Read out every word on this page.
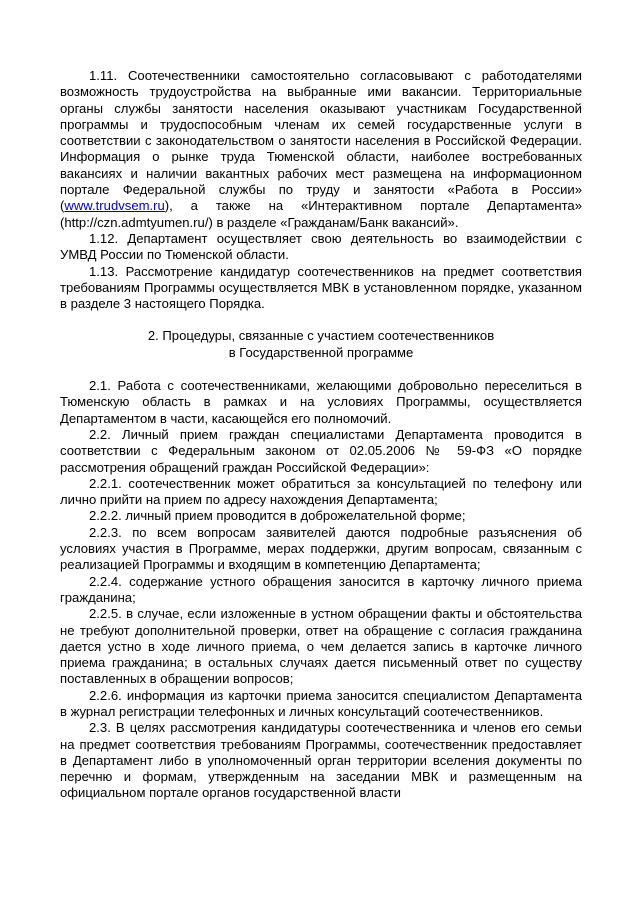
1.11. Соотечественники самостоятельно согласовывают с работодателями возможность трудоустройства на выбранные ими вакансии. Территориальные органы службы занятости населения оказывают участникам Государственной программы и трудоспособным членам их семей государственные услуги в соответствии с законодательством о занятости населения в Российской Федерации. Информация о рынке труда Тюменской области, наиболее востребованных вакансиях и наличии вакантных рабочих мест размещена на информационном портале Федеральной службы по труду и занятости «Работа в России» (www.trudvsem.ru), а также на «Интерактивном портале Департамента» (http://czn.admtyumen.ru/) в разделе «Гражданам/Банк вакансий».

1.12. Департамент осуществляет свою деятельность во взаимодействии с УМВД России по Тюменской области.

1.13. Рассмотрение кандидатур соотечественников на предмет соответствия требованиям Программы осуществляется МВК в установленном порядке, указанном в разделе 3 настоящего Порядка.

2. Процедуры, связанные с участием соотечественников
в Государственной программе

2.1. Работа с соотечественниками, желающими добровольно переселиться в Тюменскую область в рамках и на условиях Программы, осуществляется Департаментом в части, касающейся его полномочий.

2.2. Личный прием граждан специалистами Департамента проводится в соответствии с Федеральным законом от 02.05.2006 № 59-ФЗ «О порядке рассмотрения обращений граждан Российской Федерации»:

2.2.1. соотечественник может обратиться за консультацией по телефону или лично прийти на прием по адресу нахождения Департамента;

2.2.2. личный прием проводится в доброжелательной форме;

2.2.3. по всем вопросам заявителей даются подробные разъяснения об условиях участия в Программе, мерах поддержки, другим вопросам, связанным с реализацией Программы и входящим в компетенцию Департамента;

2.2.4. содержание устного обращения заносится в карточку личного приема гражданина;

2.2.5. в случае, если изложенные в устном обращении факты и обстоятельства не требуют дополнительной проверки, ответ на обращение с согласия гражданина дается устно в ходе личного приема, о чем делается запись в карточке личного приема гражданина; в остальных случаях дается письменный ответ по существу поставленных в обращении вопросов;

2.2.6. информация из карточки приема заносится специалистом Департамента в журнал регистрации телефонных и личных консультаций соотечественников.

2.3. В целях рассмотрения кандидатуры соотечественника и членов его семьи на предмет соответствия требованиям Программы, соотечественник предоставляет в Департамент либо в уполномоченный орган территории вселения документы по перечню и формам, утвержденным на заседании МВК и размещенным на официальном портале органов государственной власти
